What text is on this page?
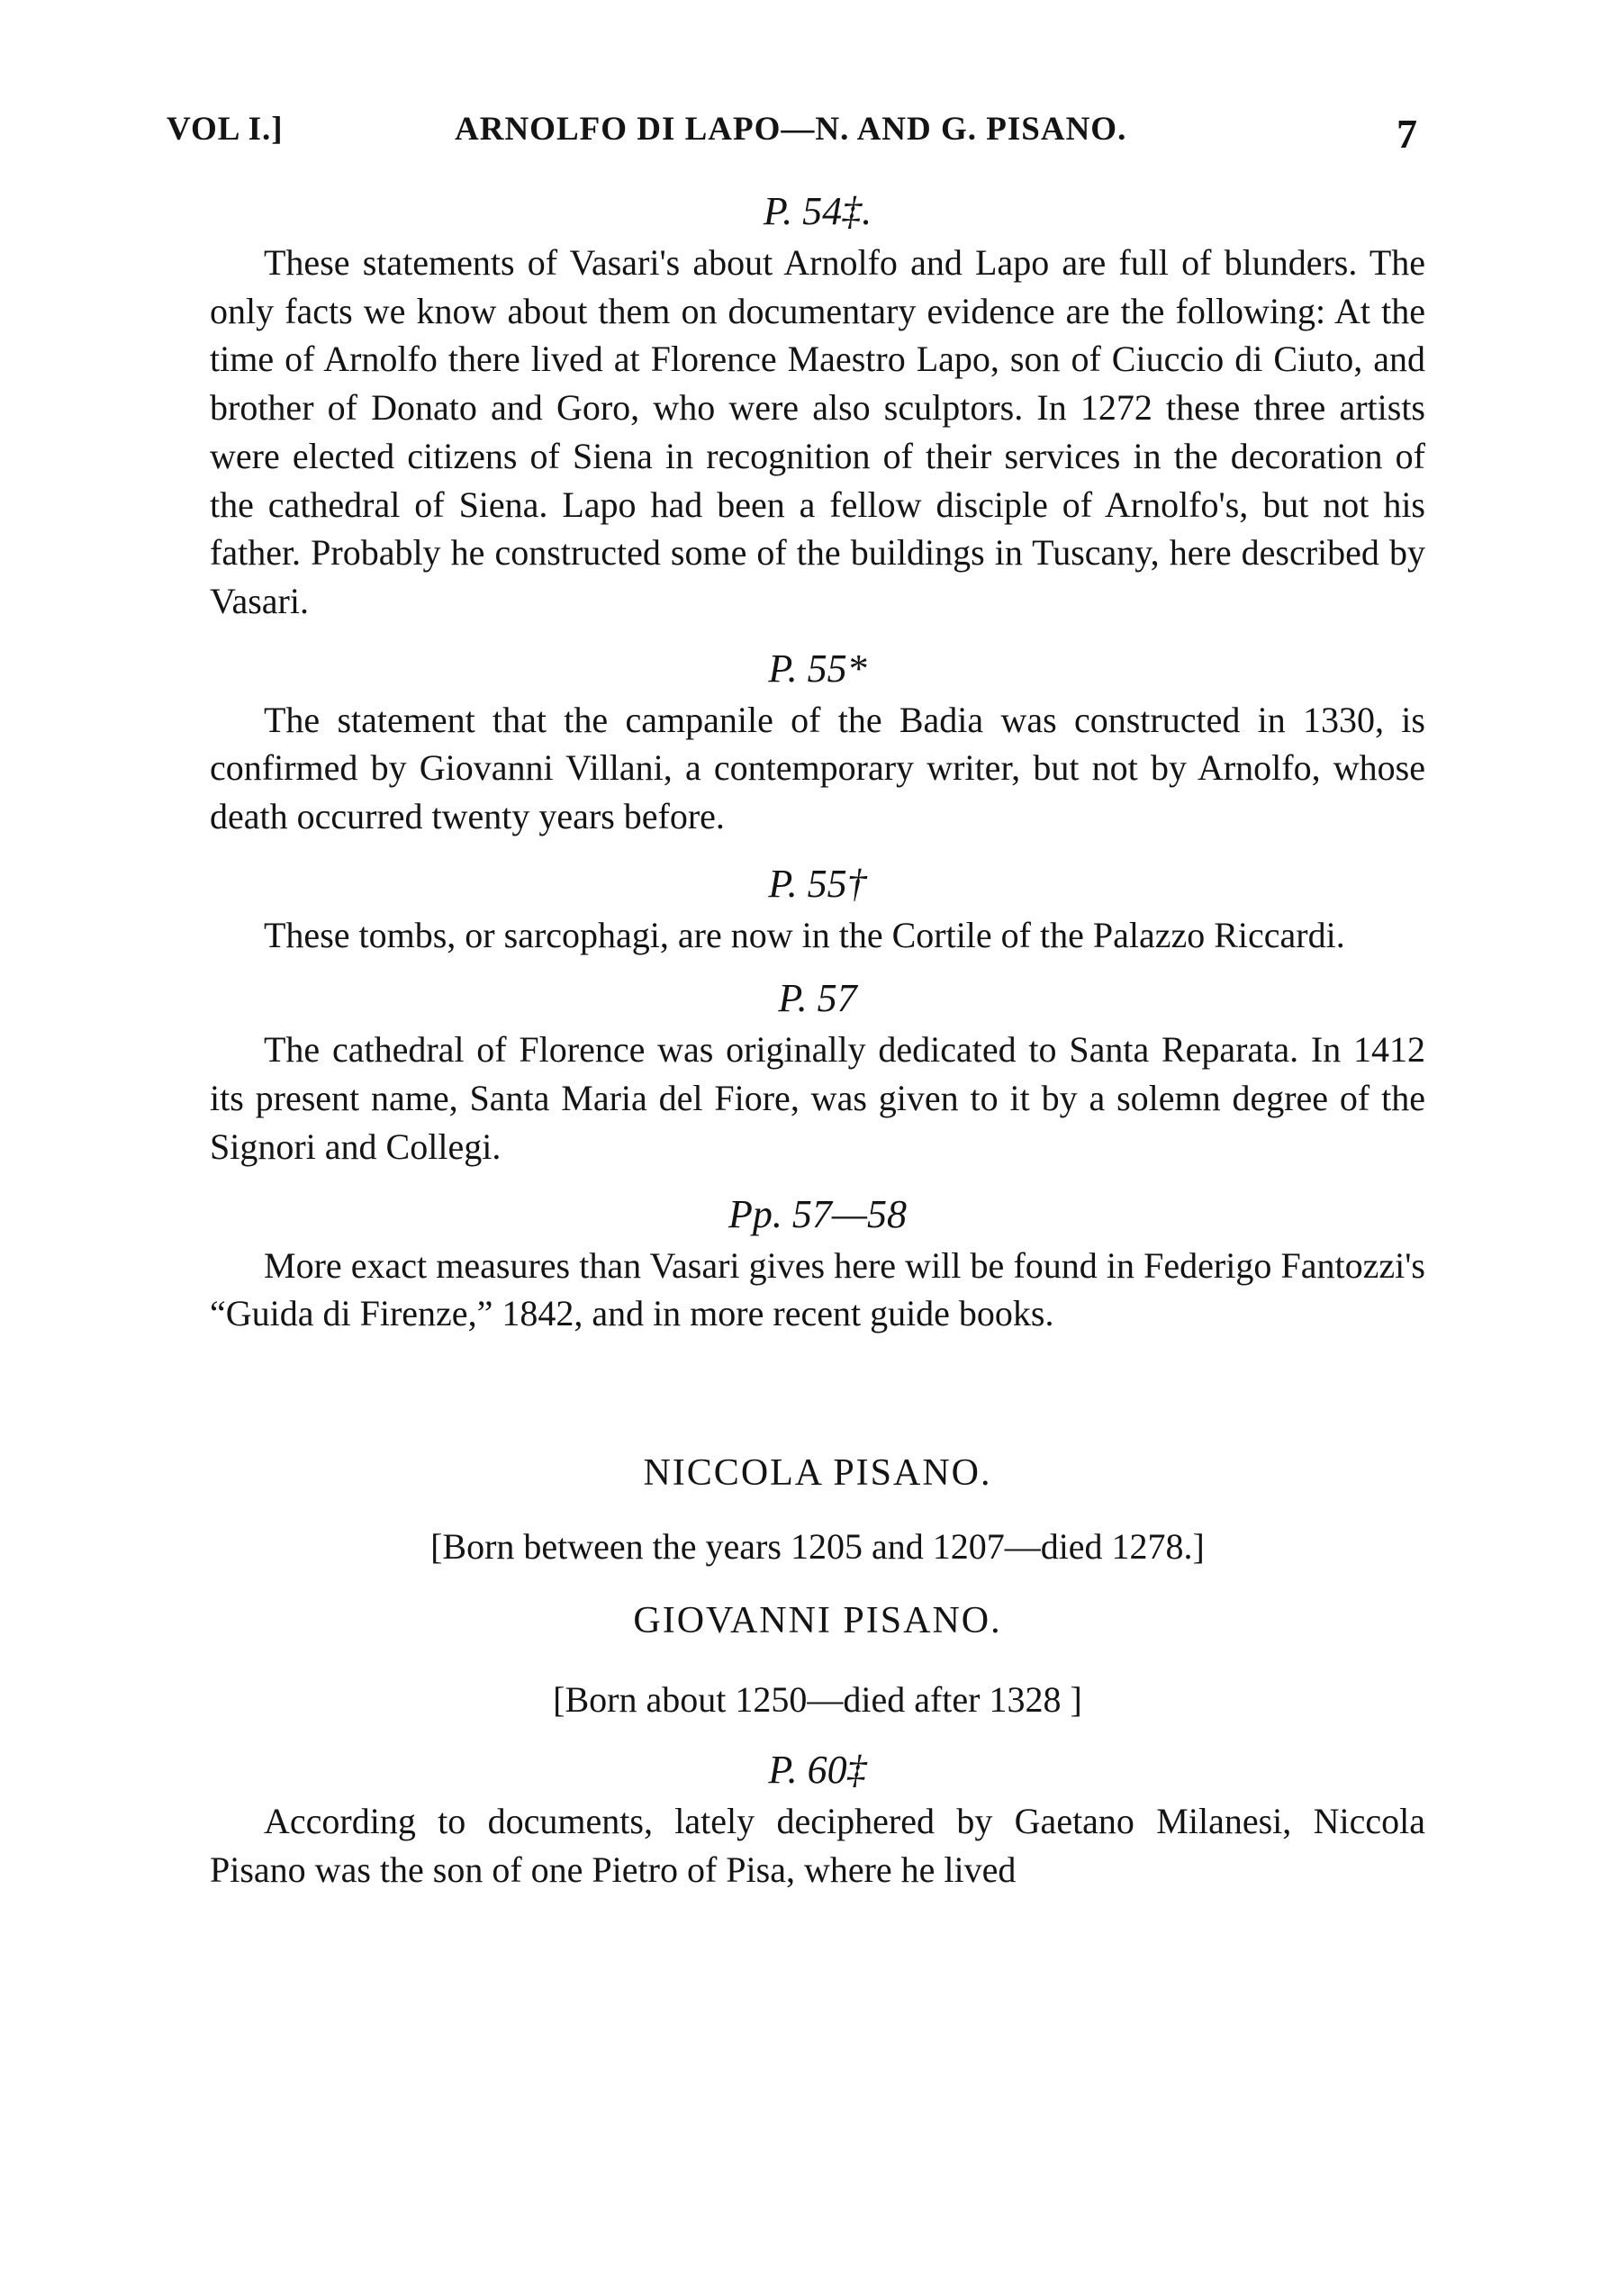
VOL I.]	ARNOLFO DI LAPO—N. AND G. PISANO.	7

P. 54‡.

These statements of Vasari's about Arnolfo and Lapo are full of blunders. The only facts we know about them on documentary evidence are the following: At the time of Arnolfo there lived at Florence Maestro Lapo, son of Ciuccio di Ciuto, and brother of Donato and Goro, who were also sculptors. In 1272 these three artists were elected citizens of Siena in recognition of their services in the decoration of the cathedral of Siena. Lapo had been a fellow disciple of Arnolfo's, but not his father. Probably he constructed some of the buildings in Tuscany, here described by Vasari.

P. 55*

The statement that the campanile of the Badia was constructed in 1330, is confirmed by Giovanni Villani, a contemporary writer, but not by Arnolfo, whose death occurred twenty years before.

P. 55†

These tombs, or sarcophagi, are now in the Cortile of the Palazzo Riccardi.

P. 57

The cathedral of Florence was originally dedicated to Santa Reparata. In 1412 its present name, Santa Maria del Fiore, was given to it by a solemn degree of the Signori and Collegi.

Pp. 57—58

More exact measures than Vasari gives here will be found in Federigo Fantozzi's “Guida di Firenze,” 1842, and in more recent guide books.

NICCOLA PISANO.

[Born between the years 1205 and 1207—died 1278.]

GIOVANNI PISANO.

[Born about 1250—died after 1328 ]

P. 60‡

According to documents, lately deciphered by Gaetano Milanesi, Niccola Pisano was the son of one Pietro of Pisa, where he lived
